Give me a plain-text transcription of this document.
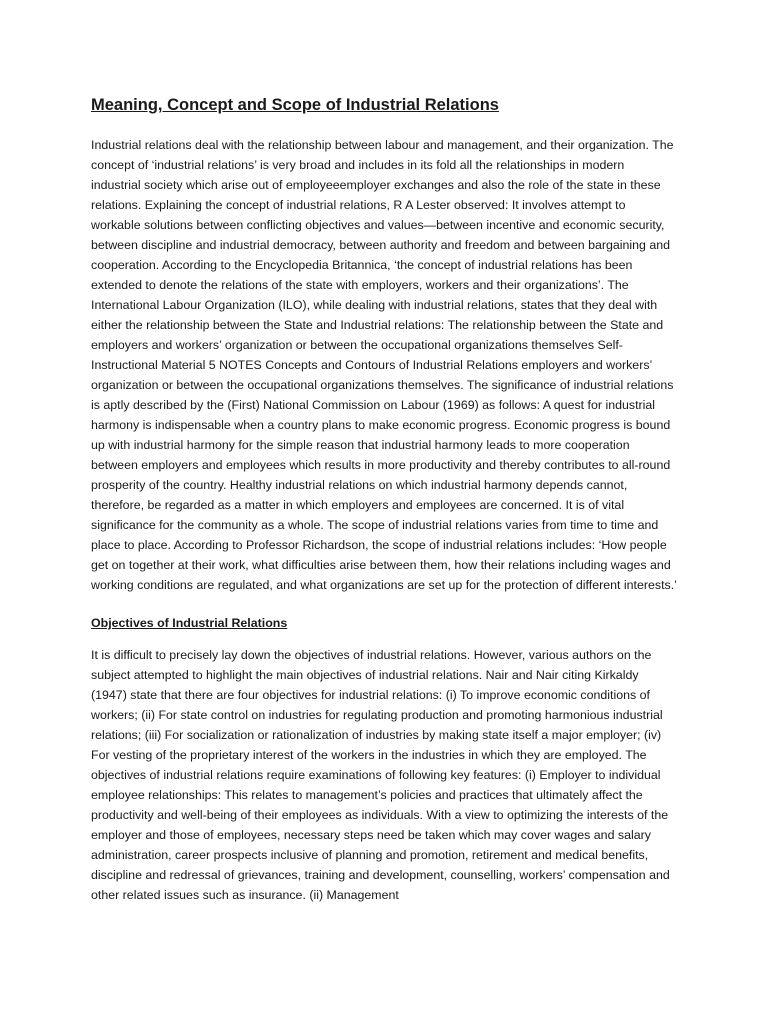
Meaning, Concept and Scope of Industrial Relations

Industrial relations deal with the relationship between labour and management, and their organization. The concept of ‘industrial relations’ is very broad and includes in its fold all the relationships in modern industrial society which arise out of employeeemployer exchanges and also the role of the state in these relations. Explaining the concept of industrial relations, R A Lester observed: It involves attempt to workable solutions between conflicting objectives and values—between incentive and economic security, between discipline and industrial democracy, between authority and freedom and between bargaining and cooperation. According to the Encyclopedia Britannica, ‘the concept of industrial relations has been extended to denote the relations of the state with employers, workers and their organizations’. The International Labour Organization (ILO), while dealing with industrial relations, states that they deal with either the relationship between the State and Industrial relations: The relationship between the State and employers and workers’ organization or between the occupational organizations themselves Self-Instructional Material 5 NOTES Concepts and Contours of Industrial Relations employers and workers’ organization or between the occupational organizations themselves. The significance of industrial relations is aptly described by the (First) National Commission on Labour (1969) as follows: A quest for industrial harmony is indispensable when a country plans to make economic progress. Economic progress is bound up with industrial harmony for the simple reason that industrial harmony leads to more cooperation between employers and employees which results in more productivity and thereby contributes to all-round prosperity of the country. Healthy industrial relations on which industrial harmony depends cannot, therefore, be regarded as a matter in which employers and employees are concerned. It is of vital significance for the community as a whole. The scope of industrial relations varies from time to time and place to place. According to Professor Richardson, the scope of industrial relations includes: ‘How people get on together at their work, what difficulties arise between them, how their relations including wages and working conditions are regulated, and what organizations are set up for the protection of different interests.’

Objectives of Industrial Relations

It is difficult to precisely lay down the objectives of industrial relations. However, various authors on the subject attempted to highlight the main objectives of industrial relations. Nair and Nair citing Kirkaldy (1947) state that there are four objectives for industrial relations: (i) To improve economic conditions of workers; (ii) For state control on industries for regulating production and promoting harmonious industrial relations; (iii) For socialization or rationalization of industries by making state itself a major employer; (iv) For vesting of the proprietary interest of the workers in the industries in which they are employed. The objectives of industrial relations require examinations of following key features: (i) Employer to individual employee relationships: This relates to management’s policies and practices that ultimately affect the productivity and well-being of their employees as individuals. With a view to optimizing the interests of the employer and those of employees, necessary steps need be taken which may cover wages and salary administration, career prospects inclusive of planning and promotion, retirement and medical benefits, discipline and redressal of grievances, training and development, counselling, workers’ compensation and other related issues such as insurance. (ii) Management
